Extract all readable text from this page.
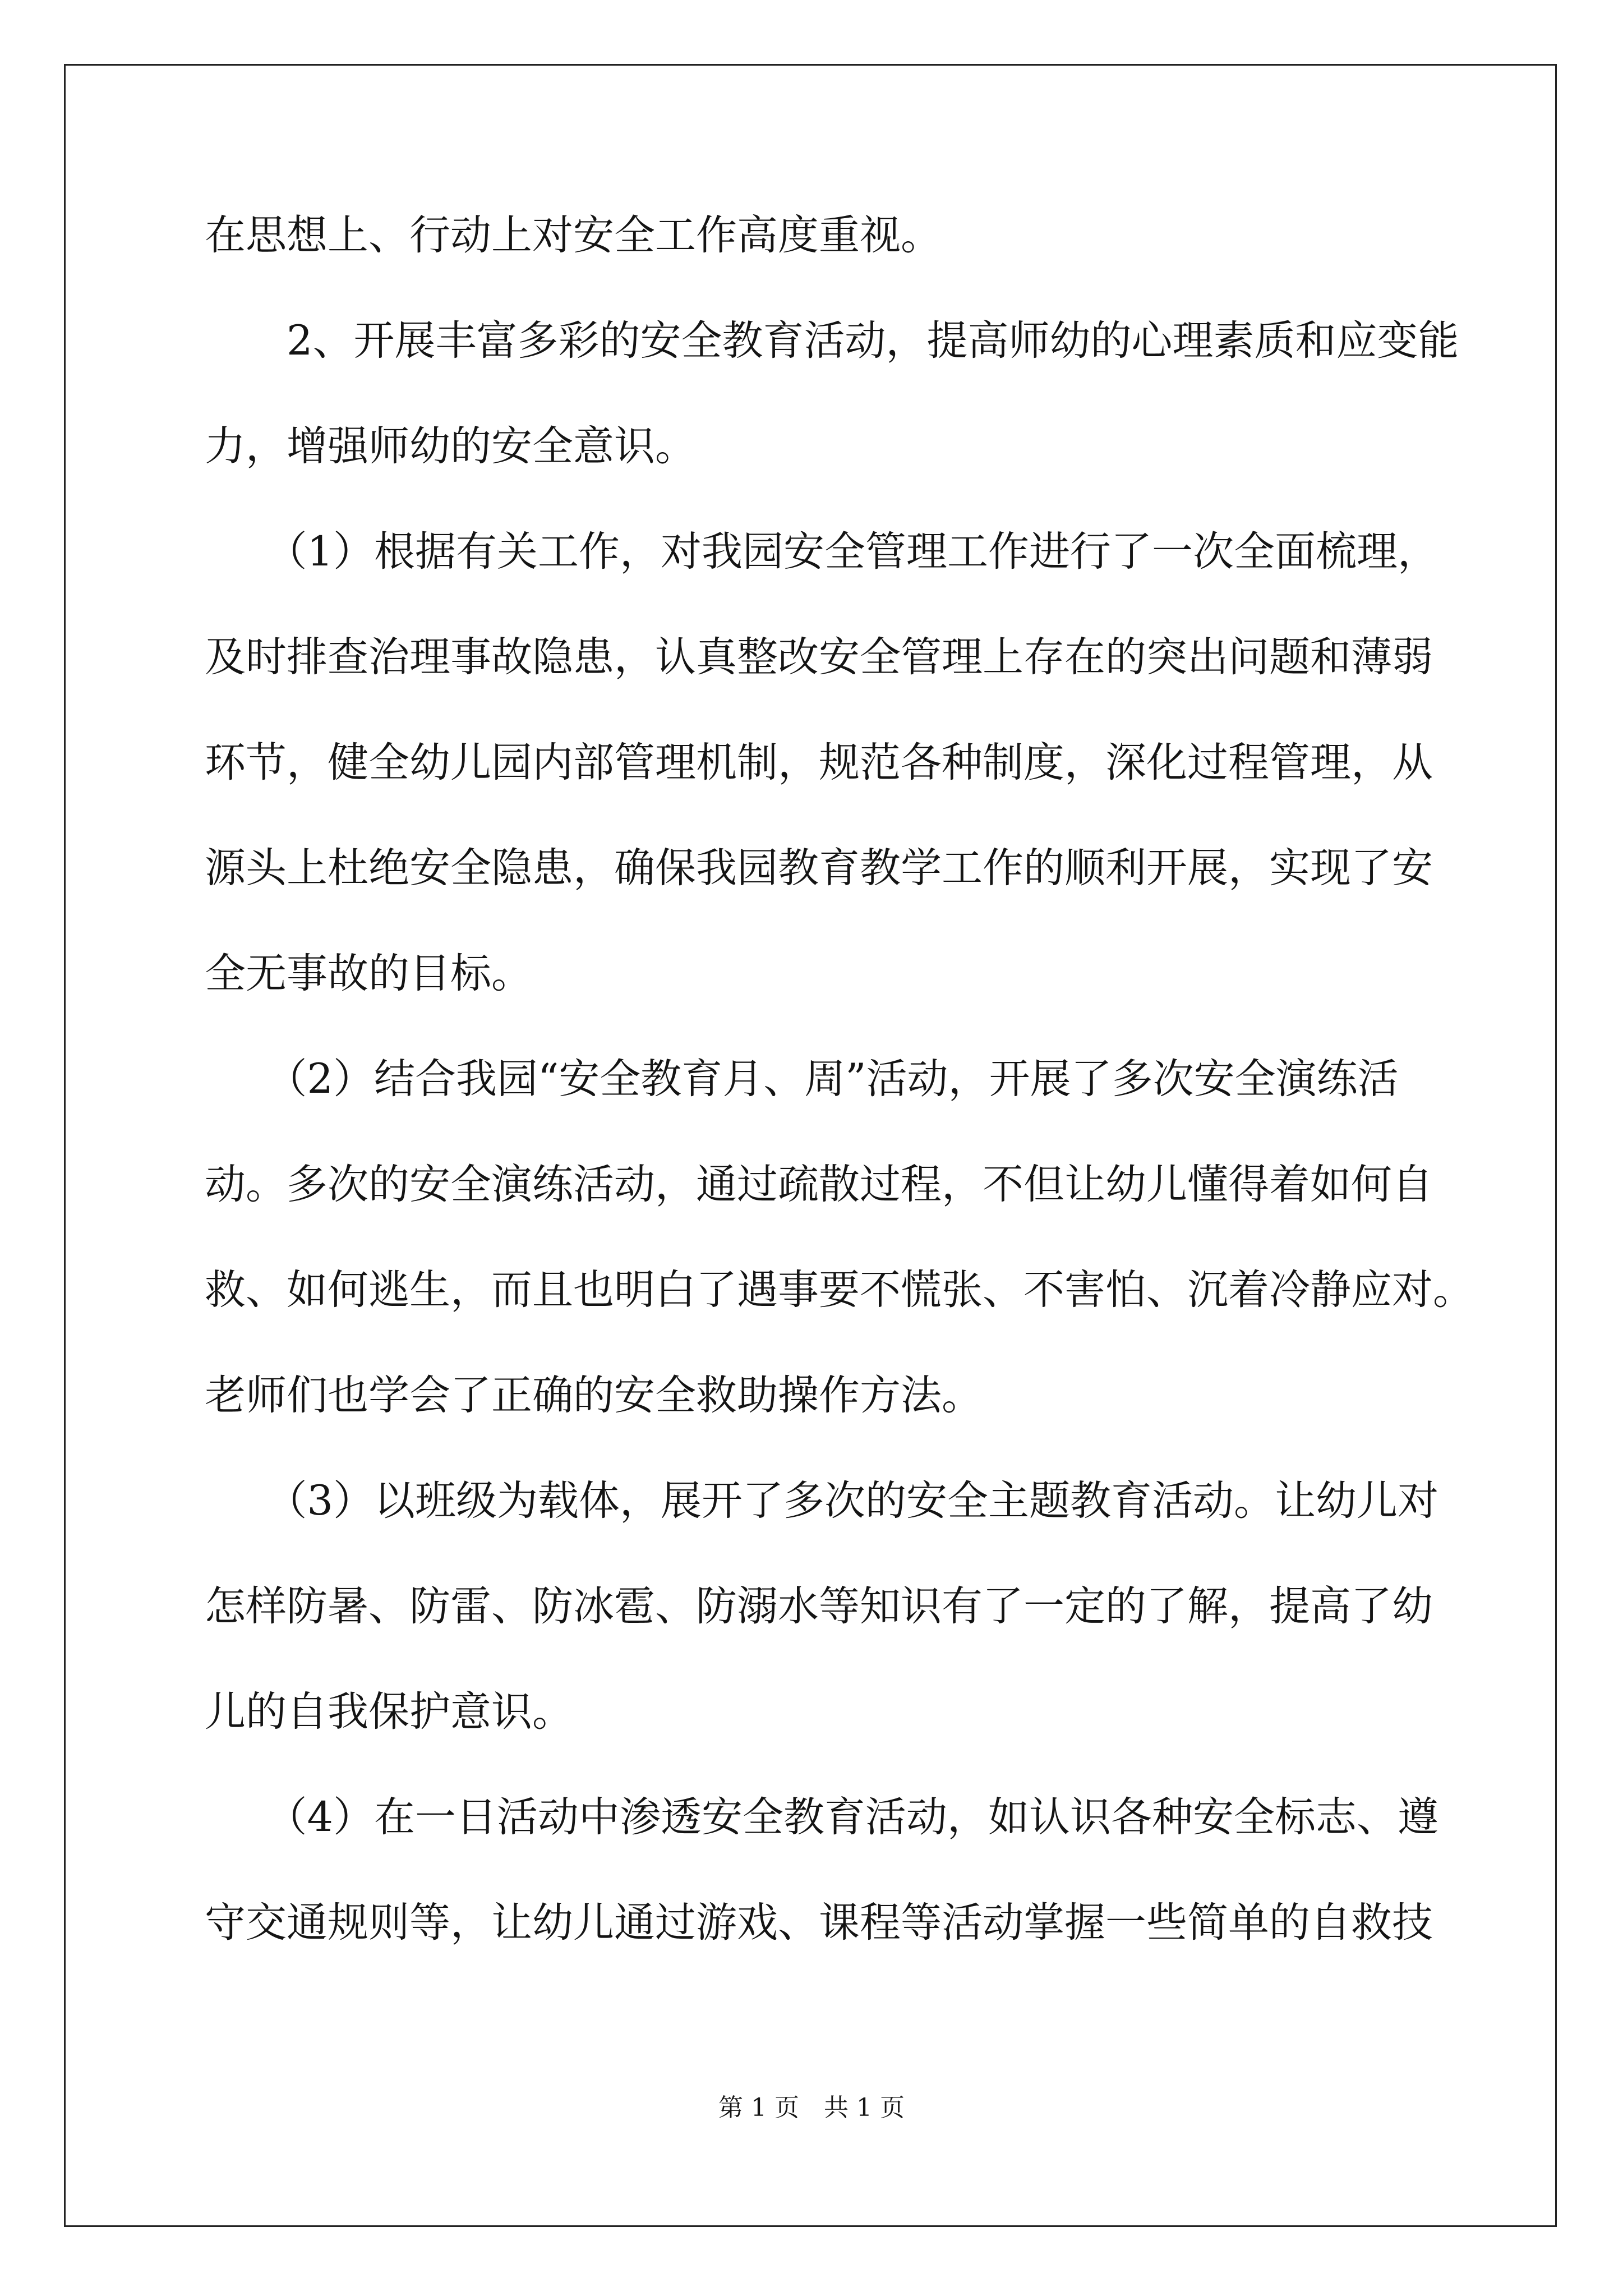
在思想上、行动上对安全工作高度重视。
　　2、开展丰富多彩的安全教育活动，提高师幼的心理素质和应变能
力，增强师幼的安全意识。
　　（1）根据有关工作，对我园安全管理工作进行了一次全面梳理，
及时排查治理事故隐患，认真整改安全管理上存在的突出问题和薄弱
环节，健全幼儿园内部管理机制，规范各种制度，深化过程管理，从
源头上杜绝安全隐患，确保我园教育教学工作的顺利开展，实现了安
全无事故的目标。
　　（2）结合我园“安全教育月、周”活动，开展了多次安全演练活
动。多次的安全演练活动，通过疏散过程，不但让幼儿懂得着如何自
救、如何逃生，而且也明白了遇事要不慌张、不害怕、沉着冷静应对。
老师们也学会了正确的安全救助操作方法。
　　（3）以班级为载体，展开了多次的安全主题教育活动。让幼儿对
怎样防暑、防雷、防冰雹、防溺水等知识有了一定的了解，提高了幼
儿的自我保护意识。
　　（4）在一日活动中渗透安全教育活动，如认识各种安全标志、遵
守交通规则等，让幼儿通过游戏、课程等活动掌握一些简单的自救技
第 1 页　共 1 页
